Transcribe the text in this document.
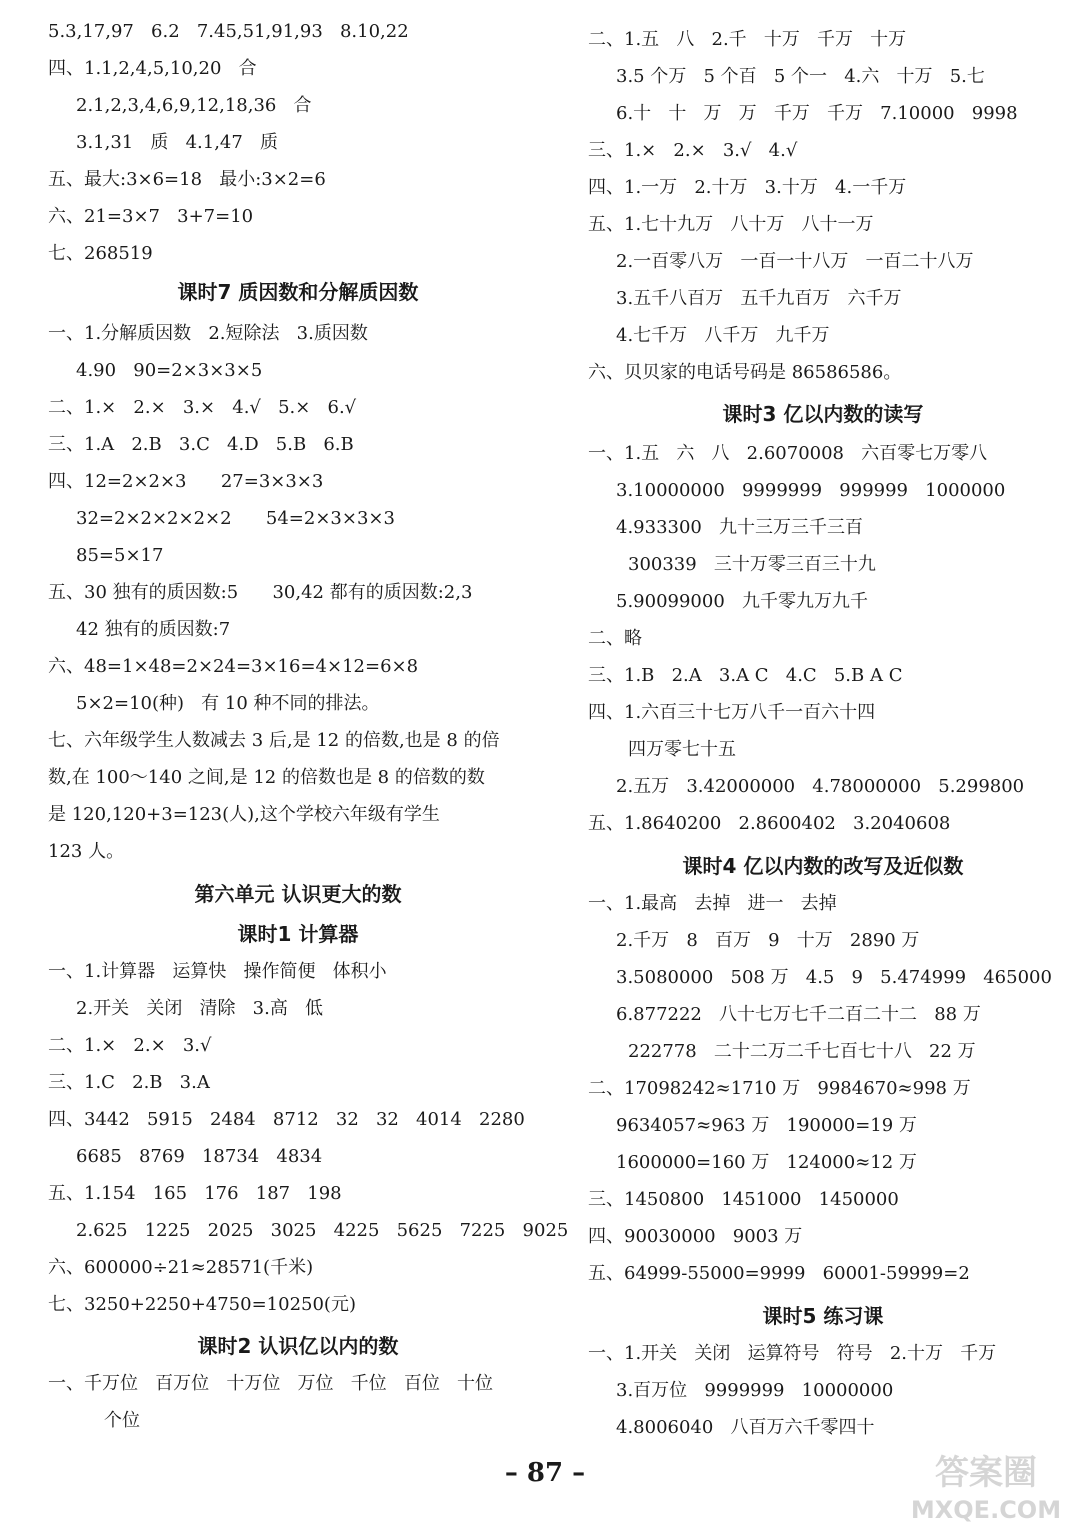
5.3,17,97   6.2   7.45,51,91,93   8.10,22
四、1.1,2,4,5,10,20   合
2.1,2,3,4,6,9,12,18,36   合
3.1,31   质   4.1,47   质
五、最大:3×6=18   最小:3×2=6
六、21=3×7   3+7=10
七、268519
课时7 质因数和分解质因数
一、1.分解质因数   2.短除法   3.质因数
4.90   90=2×3×3×5
二、1.×   2.×   3.×   4.√   5.×   6.√
三、1.A   2.B   3.C   4.D   5.B   6.B
四、12=2×2×3      27=3×3×3
32=2×2×2×2×2      54=2×3×3×3
85=5×17
五、30 独有的质因数:5      30,42 都有的质因数:2,3
42 独有的质因数:7
六、48=1×48=2×24=3×16=4×12=6×8
5×2=10(种)   有 10 种不同的排法。
七、六年级学生人数减去 3 后,是 12 的倍数,也是 8 的倍
数,在 100～140 之间,是 12 的倍数也是 8 的倍数的数
是 120,120+3=123(人),这个学校六年级有学生
123 人。
第六单元 认识更大的数
课时1 计算器
一、1.计算器   运算快   操作简便   体积小
2.开关   关闭   清除   3.高   低
二、1.×   2.×   3.√
三、1.C   2.B   3.A
四、3442   5915   2484   8712   32   32   4014   2280
6685   8769   18734   4834
五、1.154   165   176   187   198
2.625   1225   2025   3025   4225   5625   7225   9025
六、600000÷21≈28571(千米)
七、3250+2250+4750=10250(元)
课时2 认识亿以内的数
一、千万位   百万位   十万位   万位   千位   百位   十位
个位
二、1.五   八   2.千   十万   千万   十万
3.5 个万   5 个百   5 个一   4.六   十万   5.七
6.十   十   万   万   千万   千万   7.10000   9998
三、1.×   2.×   3.√   4.√
四、1.一万   2.十万   3.十万   4.一千万
五、1.七十九万   八十万   八十一万
2.一百零八万   一百一十八万   一百二十八万
3.五千八百万   五千九百万   六千万
4.七千万   八千万   九千万
六、贝贝家的电话号码是 86586586。
课时3 亿以内数的读写
一、1.五   六   八   2.6070008   六百零七万零八
3.10000000   9999999   999999   1000000
4.933300   九十三万三千三百
300339   三十万零三百三十九
5.90099000   九千零九万九千
二、略
三、1.B   2.A   3.A C   4.C   5.B A C
四、1.六百三十七万八千一百六十四
四万零七十五
2.五万   3.42000000   4.78000000   5.299800
五、1.8640200   2.8600402   3.2040608
课时4 亿以内数的改写及近似数
一、1.最高   去掉   进一   去掉
2.千万   8   百万   9   十万   2890 万
3.5080000   508 万   4.5   9   5.474999   465000
6.877222   八十七万七千二百二十二   88 万
222778   二十二万二千七百七十八   22 万
二、17098242≈1710 万   9984670≈998 万
9634057≈963 万   190000=19 万
1600000=160 万   124000≈12 万
三、1450800   1451000   1450000
四、90030000   9003 万
五、64999-55000=9999   60001-59999=2
课时5 练习课
一、1.开关   关闭   运算符号   符号   2.十万   千万
3.百万位   9999999   10000000
4.8006040   八百万六千零四十
– 87 –	答案圈
MXQE.COM
